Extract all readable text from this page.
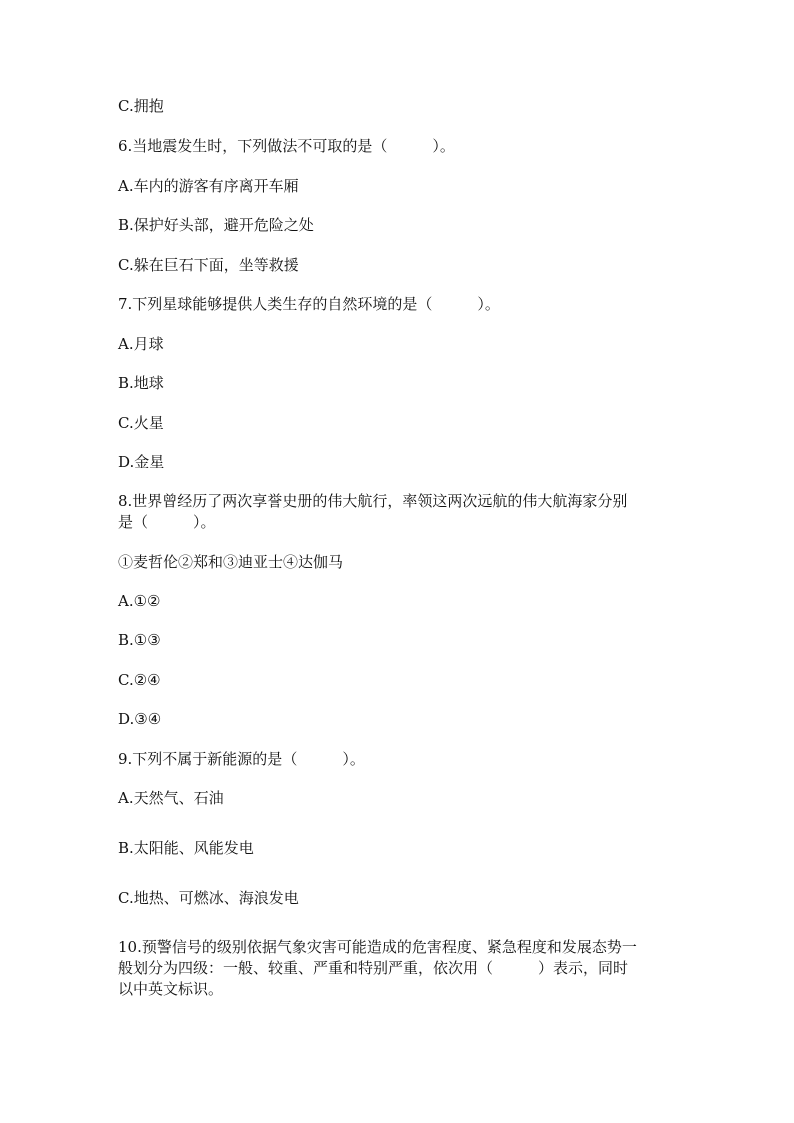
C.拥抱

6.当地震发生时，下列做法不可取的是（　　　）。

A.车内的游客有序离开车厢

B.保护好头部，避开危险之处

C.躲在巨石下面，坐等救援

7.下列星球能够提供人类生存的自然环境的是（　　　）。

A.月球

B.地球

C.火星

D.金星

8.世界曾经历了两次享誉史册的伟大航行，率领这两次远航的伟大航海家分别

是（　　　）。

①麦哲伦②郑和③迪亚士④达伽马

A.①②

B.①③

C.②④

D.③④

9.下列不属于新能源的是（　　　）。

A.天然气、石油

B.太阳能、风能发电

C.地热、可燃冰、海浪发电

10.预警信号的级别依据气象灾害可能造成的危害程度、紧急程度和发展态势一

般划分为四级：一般、较重、严重和特别严重，依次用（　　　）表示，同时

以中英文标识。
